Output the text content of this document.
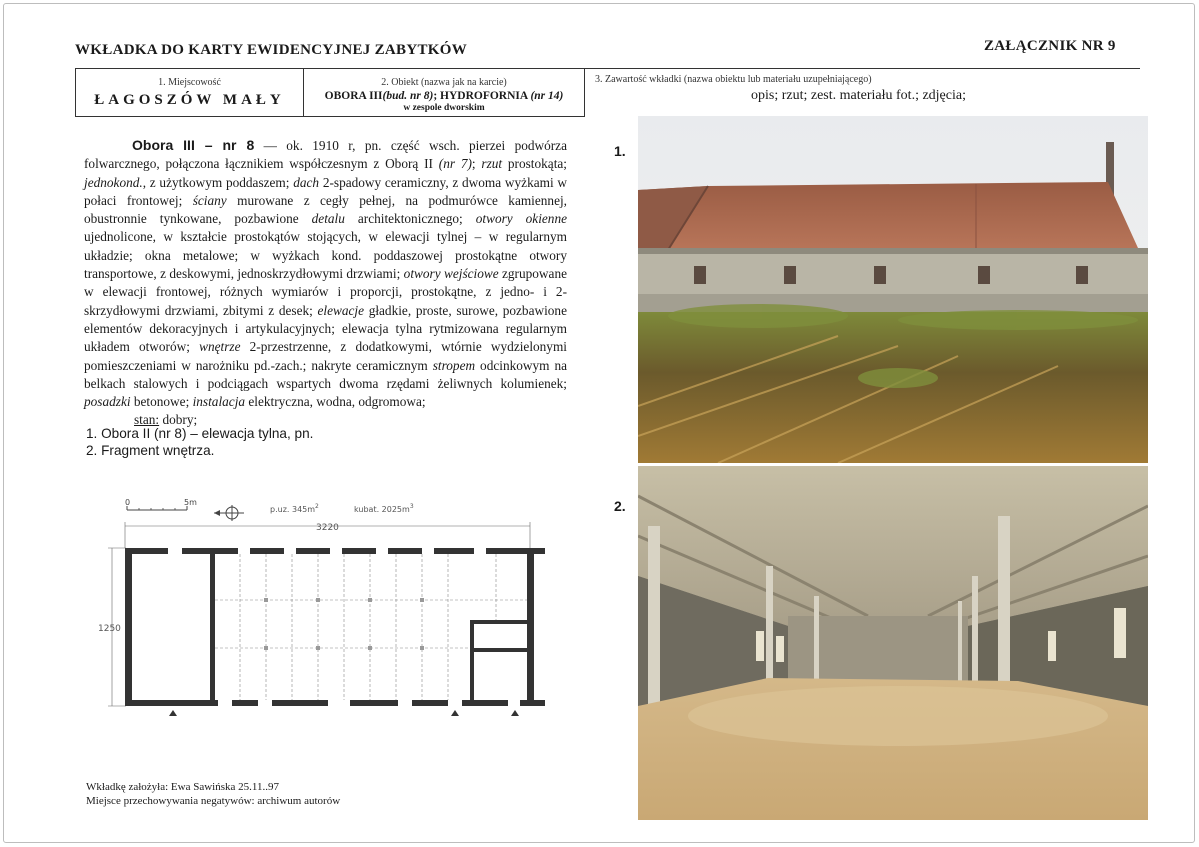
WKŁADKA DO KARTY EWIDENCYJNEJ ZABYTKÓW	ZAŁĄCZNIK NR 9
1. Miejscowość
ŁAGOSZÓW MAŁY
2. Obiekt (nazwa jak na karcie)
OBORA III(bud. nr 8); HYDROFORNIA (nr 14)
w zespole dworskim
3. Zawartość wkładki (nazwa obiektu lub materiału uzupełniającego)
opis; rzut; zest. materiału fot.; zdjęcia;

Obora III – nr 8 — ok. 1910 r, pn. część wsch. pierzei podwórza folwarcznego, połączona łącznikiem współczesnym z Oborą II (nr 7); rzut prostokąta; jednokond., z użytkowym poddaszem; dach 2-spadowy ceramiczny, z dwoma wyżkami w połaci frontowej; ściany murowane z cegły pełnej, na podmurówce kamiennej, obustronnie tynkowane, pozbawione detalu architektonicznego; otwory okienne ujednolicone, w kształcie prostokątów stojących, w elewacji tylnej – w regularnym układzie; okna metalowe; w wyżkach kond. poddaszowej prostokątne otwory transportowe, z deskowymi, jednoskrzydłowymi drzwiami; otwory wejściowe zgrupowane w elewacji frontowej, różnych wymiarów i proporcji, prostokątne, z jedno- i 2-skrzydłowymi drzwiami, zbitymi z desek; elewacje gładkie, proste, surowe, pozbawione elementów dekoracyjnych i artykulacyjnych; elewacja tylna rytmizowana regularnym układem otworów; wnętrze 2-przestrzenne, z dodatkowymi, wtórnie wydzielonymi pomieszczeniami w narożniku pd.-zach.; nakryte ceramicznym stropem odcinkowym na belkach stalowych i podciągach wspartych dwoma rzędami żeliwnych kolumienek; posadzki betonowe; instalacja elektryczna, wodna, odgromowa;
stan: dobry;

1. Obora II (nr 8) – elewacja tylna, pn.
2. Fragment wnętrza.
0	5m
p.uz. $345m^2$	kubat. $2025m^3$
3220
1250
Wkładkę założyła: Ewa Sawińska 25.11..97
Miejsce przechowywania negatywów: archiwum autorów
1.
2.
